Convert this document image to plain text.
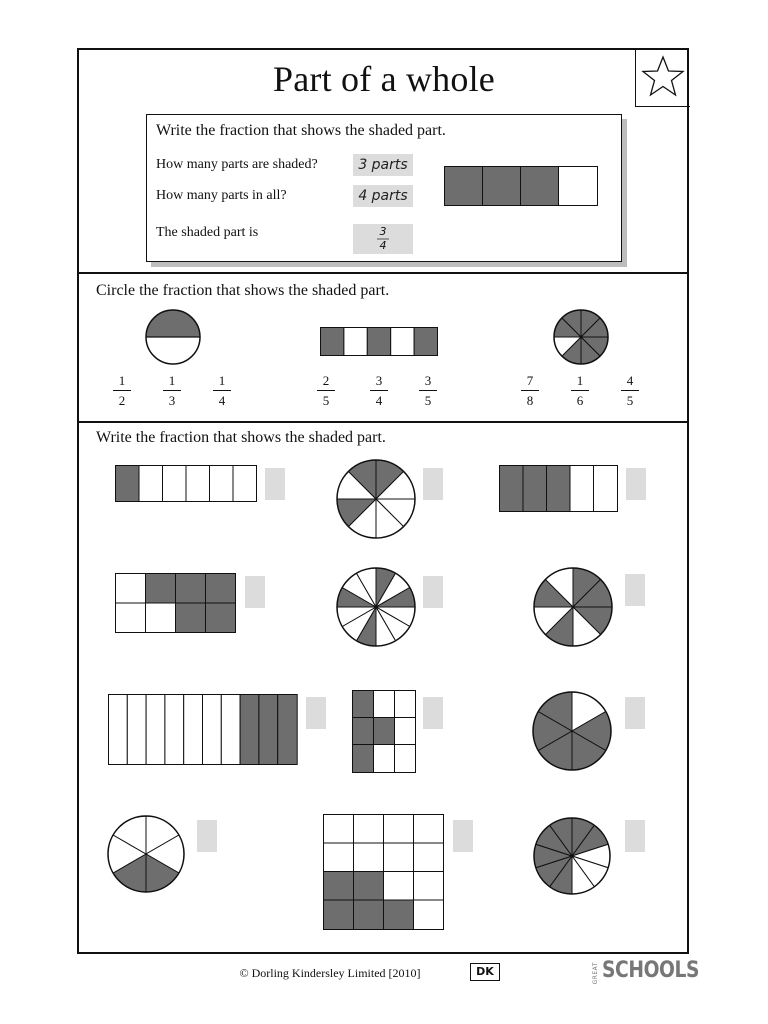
Part of a whole
Write the fraction that shows the shaded part.
How many parts are shaded?	3 parts
How many parts in all?	4 parts
The shaded part is	3
4
Circle the fraction that shows the shaded part.
1
2
1
3
1
4
2
5
3
4
3
5
7
8
1
6
4
5
Write the fraction that shows the shaded part.
© Dorling Kindersley Limited [2010]	DK	GREAT SCHOOLS
